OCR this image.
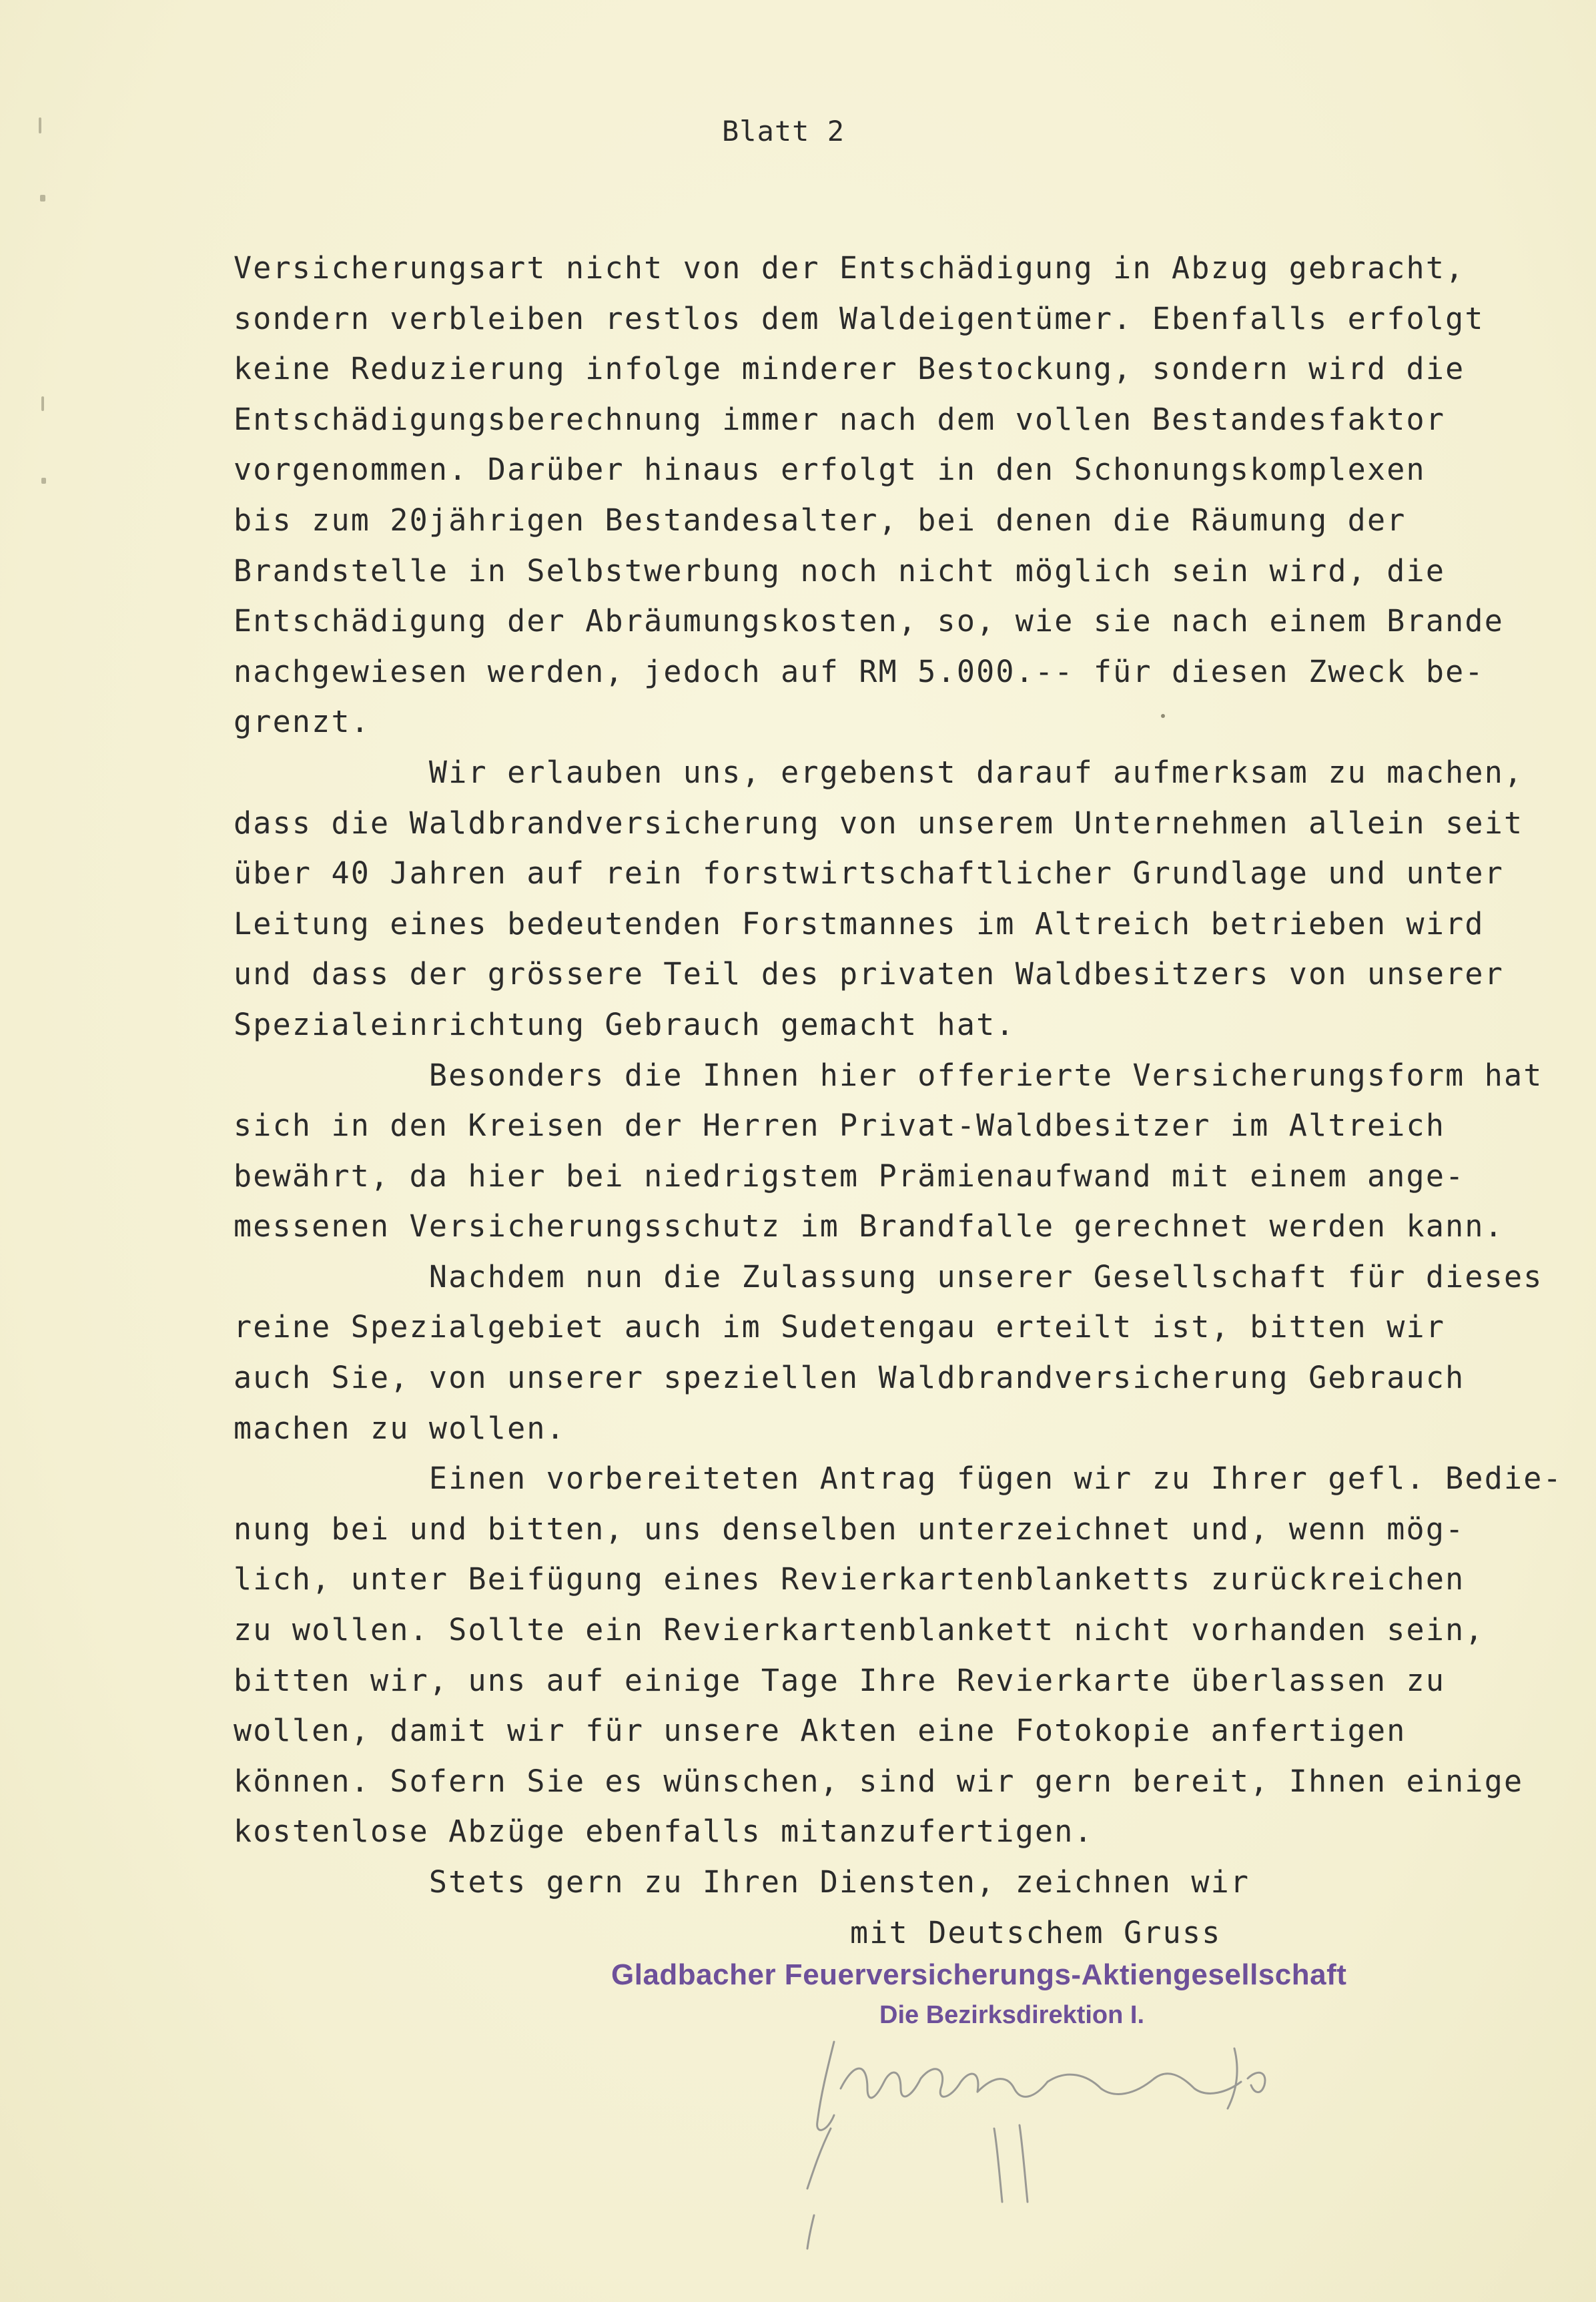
Blatt 2
Versicherungsart nicht von der Entschädigung in Abzug gebracht,
sondern verbleiben restlos dem Waldeigentümer. Ebenfalls erfolgt
keine Reduzierung infolge minderer Bestockung, sondern wird die
Entschädigungsberechnung immer nach dem vollen Bestandesfaktor
vorgenommen. Darüber hinaus erfolgt in den Schonungskomplexen
bis zum 20jährigen Bestandesalter, bei denen die Räumung der
Brandstelle in Selbstwerbung noch nicht möglich sein wird, die
Entschädigung der Abräumungskosten, so, wie sie nach einem Brande
nachgewiesen werden, jedoch auf RM 5.000.-- für diesen Zweck be-
grenzt.
Wir erlauben uns, ergebenst darauf aufmerksam zu machen,
dass die Waldbrandversicherung von unserem Unternehmen allein seit
über 40 Jahren auf rein forstwirtschaftlicher Grundlage und unter
Leitung eines bedeutenden Forstmannes im Altreich betrieben wird
und dass der grössere Teil des privaten Waldbesitzers von unserer
Spezialeinrichtung Gebrauch gemacht hat.
Besonders die Ihnen hier offerierte Versicherungsform hat
sich in den Kreisen der Herren Privat-Waldbesitzer im Altreich
bewährt, da hier bei niedrigstem Prämienaufwand mit einem ange-
messenen Versicherungsschutz im Brandfalle gerechnet werden kann.
Nachdem nun die Zulassung unserer Gesellschaft für dieses
reine Spezialgebiet auch im Sudetengau erteilt ist, bitten wir
auch Sie, von unserer speziellen Waldbrandversicherung Gebrauch
machen zu wollen.
Einen vorbereiteten Antrag fügen wir zu Ihrer gefl. Bedie-
nung bei und bitten, uns denselben unterzeichnet und, wenn mög-
lich, unter Beifügung eines Revierkartenblanketts zurückreichen
zu wollen. Sollte ein Revierkartenblankett nicht vorhanden sein,
bitten wir, uns auf einige Tage Ihre Revierkarte überlassen zu
wollen, damit wir für unsere Akten eine Fotokopie anfertigen
können. Sofern Sie es wünschen, sind wir gern bereit, Ihnen einige
kostenlose Abzüge ebenfalls mitanzufertigen.
Stets gern zu Ihren Diensten, zeichnen wir
mit Deutschem Gruss
Gladbacher Feuerversicherungs-Aktiengesellschaft
Die Bezirksdirektion I.
